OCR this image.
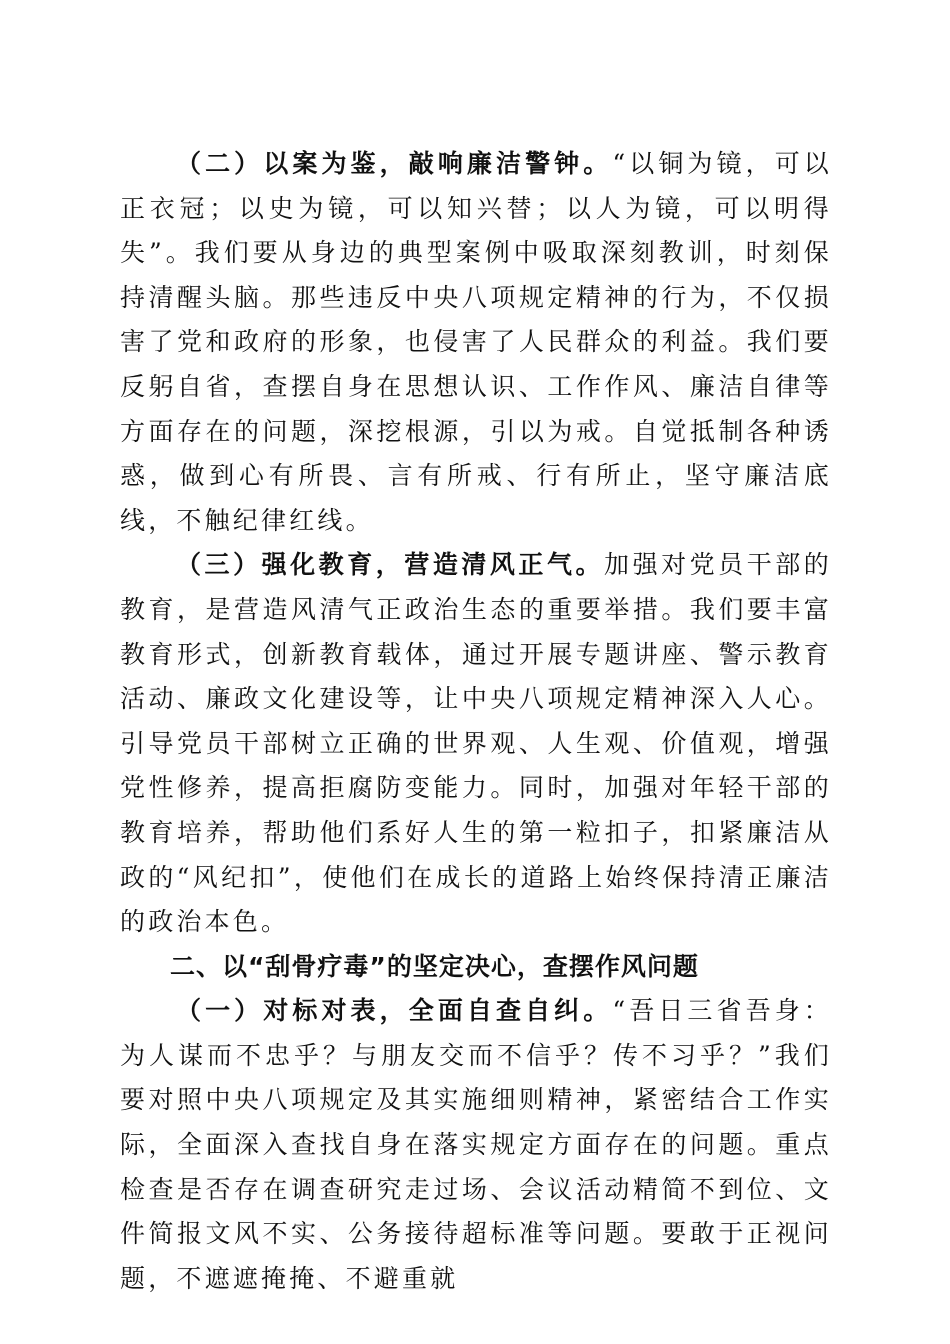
（二）以案为鉴，敲响廉洁警钟。“以铜为镜，可以正衣冠；以史为镜，可以知兴替；以人为镜，可以明得失”。我们要从身边的典型案例中吸取深刻教训，时刻保持清醒头脑。那些违反中央八项规定精神的行为，不仅损害了党和政府的形象，也侵害了人民群众的利益。我们要反躬自省，查摆自身在思想认识、工作作风、廉洁自律等方面存在的问题，深挖根源，引以为戒。自觉抵制各种诱惑，做到心有所畏、言有所戒、行有所止，坚守廉洁底线，不触纪律红线。

（三）强化教育，营造清风正气。加强对党员干部的教育，是营造风清气正政治生态的重要举措。我们要丰富教育形式，创新教育载体，通过开展专题讲座、警示教育活动、廉政文化建设等，让中央八项规定精神深入人心。引导党员干部树立正确的世界观、人生观、价值观，增强党性修养，提高拒腐防变能力。同时，加强对年轻干部的教育培养，帮助他们系好人生的第一粒扣子，扣紧廉洁从政的“风纪扣”，使他们在成长的道路上始终保持清正廉洁的政治本色。

二、以“刮骨疗毒”的坚定决心，查摆作风问题

（一）对标对表，全面自查自纠。“吾日三省吾身：为人谋而不忠乎？与朋友交而不信乎？传不习乎？”我们要对照中央八项规定及其实施细则精神，紧密结合工作实际，全面深入查找自身在落实规定方面存在的问题。重点检查是否存在调查研究走过场、会议活动精简不到位、文件简报文风不实、公务接待超标准等问题。要敢于正视问题，不遮遮掩掩、不避重就
